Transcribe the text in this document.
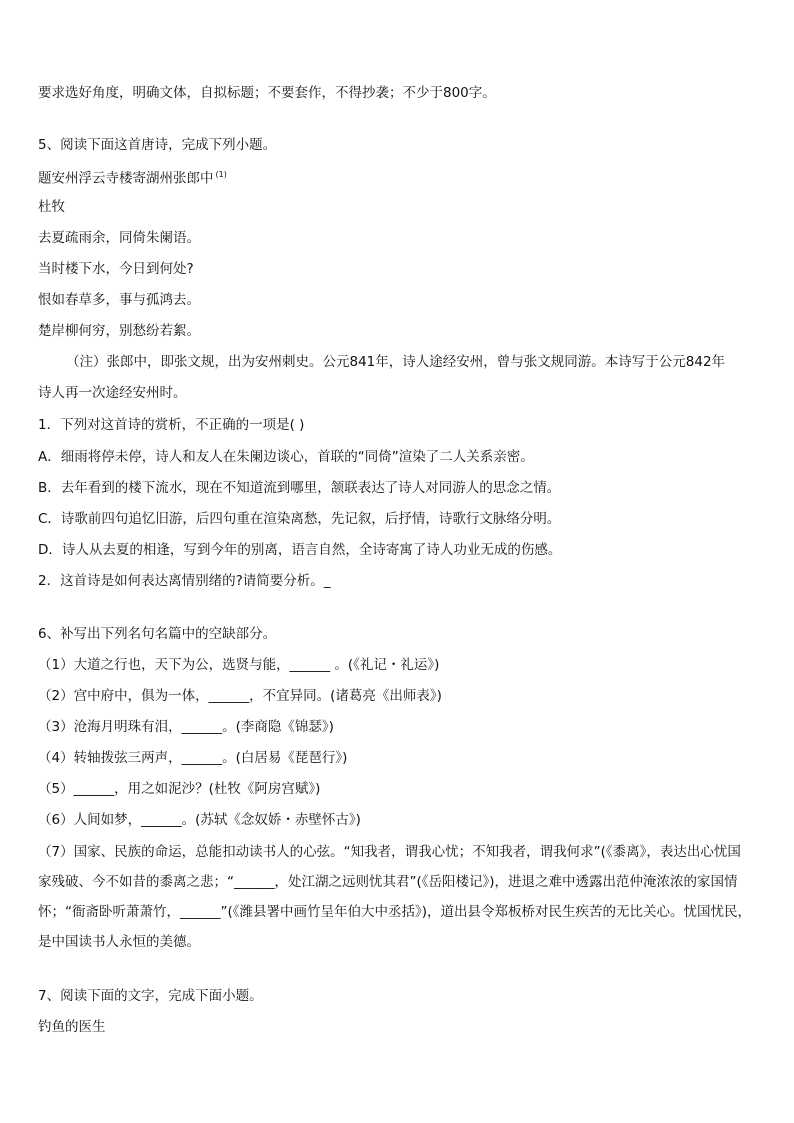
要求选好角度，明确文体，自拟标题；不要套作，不得抄袭；不少于800字。
5、阅读下面这首唐诗，完成下列小题。
题安州浮云寺楼寄湖州张郎中 $^{(1)}$
杜牧
去夏疏雨余，同倚朱阑语。
当时楼下水，今日到何处?
恨如春草多，事与孤鸿去。
楚岸柳何穷，别愁纷若絮。
（注）张郎中，即张文规，出为安州刺史。公元841年，诗人途经安州，曾与张文规同游。本诗写于公元842年
诗人再一次途经安州时。
1．下列对这首诗的赏析，不正确的一项是( )
A．细雨将停未停，诗人和友人在朱阑边谈心，首联的“同倚”渲染了二人关系亲密。
B．去年看到的楼下流水，现在不知道流到哪里，颔联表达了诗人对同游人的思念之情。
C．诗歌前四句追忆旧游，后四句重在渲染离愁，先记叙，后抒情，诗歌行文脉络分明。
D．诗人从去夏的相逢，写到今年的别离，语言自然，全诗寄寓了诗人功业无成的伤感。
2．这首诗是如何表达离情别绪的?请简要分析。_
6、补写出下列名句名篇中的空缺部分。
（1）大道之行也，天下为公，选贤与能，______ 。(《礼记・礼运》)
（2）宫中府中，俱为一体，______，不宜异同。(诸葛亮《出师表》)
（3）沧海月明珠有泪，______。(李商隐《锦瑟》)
（4）转轴拨弦三两声，______。(白居易《琵琶行》)
（5）______，用之如泥沙？(杜牧《阿房宫赋》)
（6）人间如梦，______。(苏轼《念奴娇・赤壁怀古》)
（7）国家、民族的命运，总能扣动读书人的心弦。“知我者，谓我心忧；不知我者，谓我何求”(《黍离》，表达出心忧国家残破、今不如昔的黍离之悲；“______，处江湖之远则忧其君”(《岳阳楼记》)，进退之难中透露出范仲淹浓浓的家国情怀；“衙斋卧听萧萧竹，______”(《潍县署中画竹呈年伯大中丞括》)，道出县令郑板桥对民生疾苦的无比关心。忧国忧民，是中国读书人永恒的美德。
7、阅读下面的文字，完成下面小题。
钓鱼的医生
